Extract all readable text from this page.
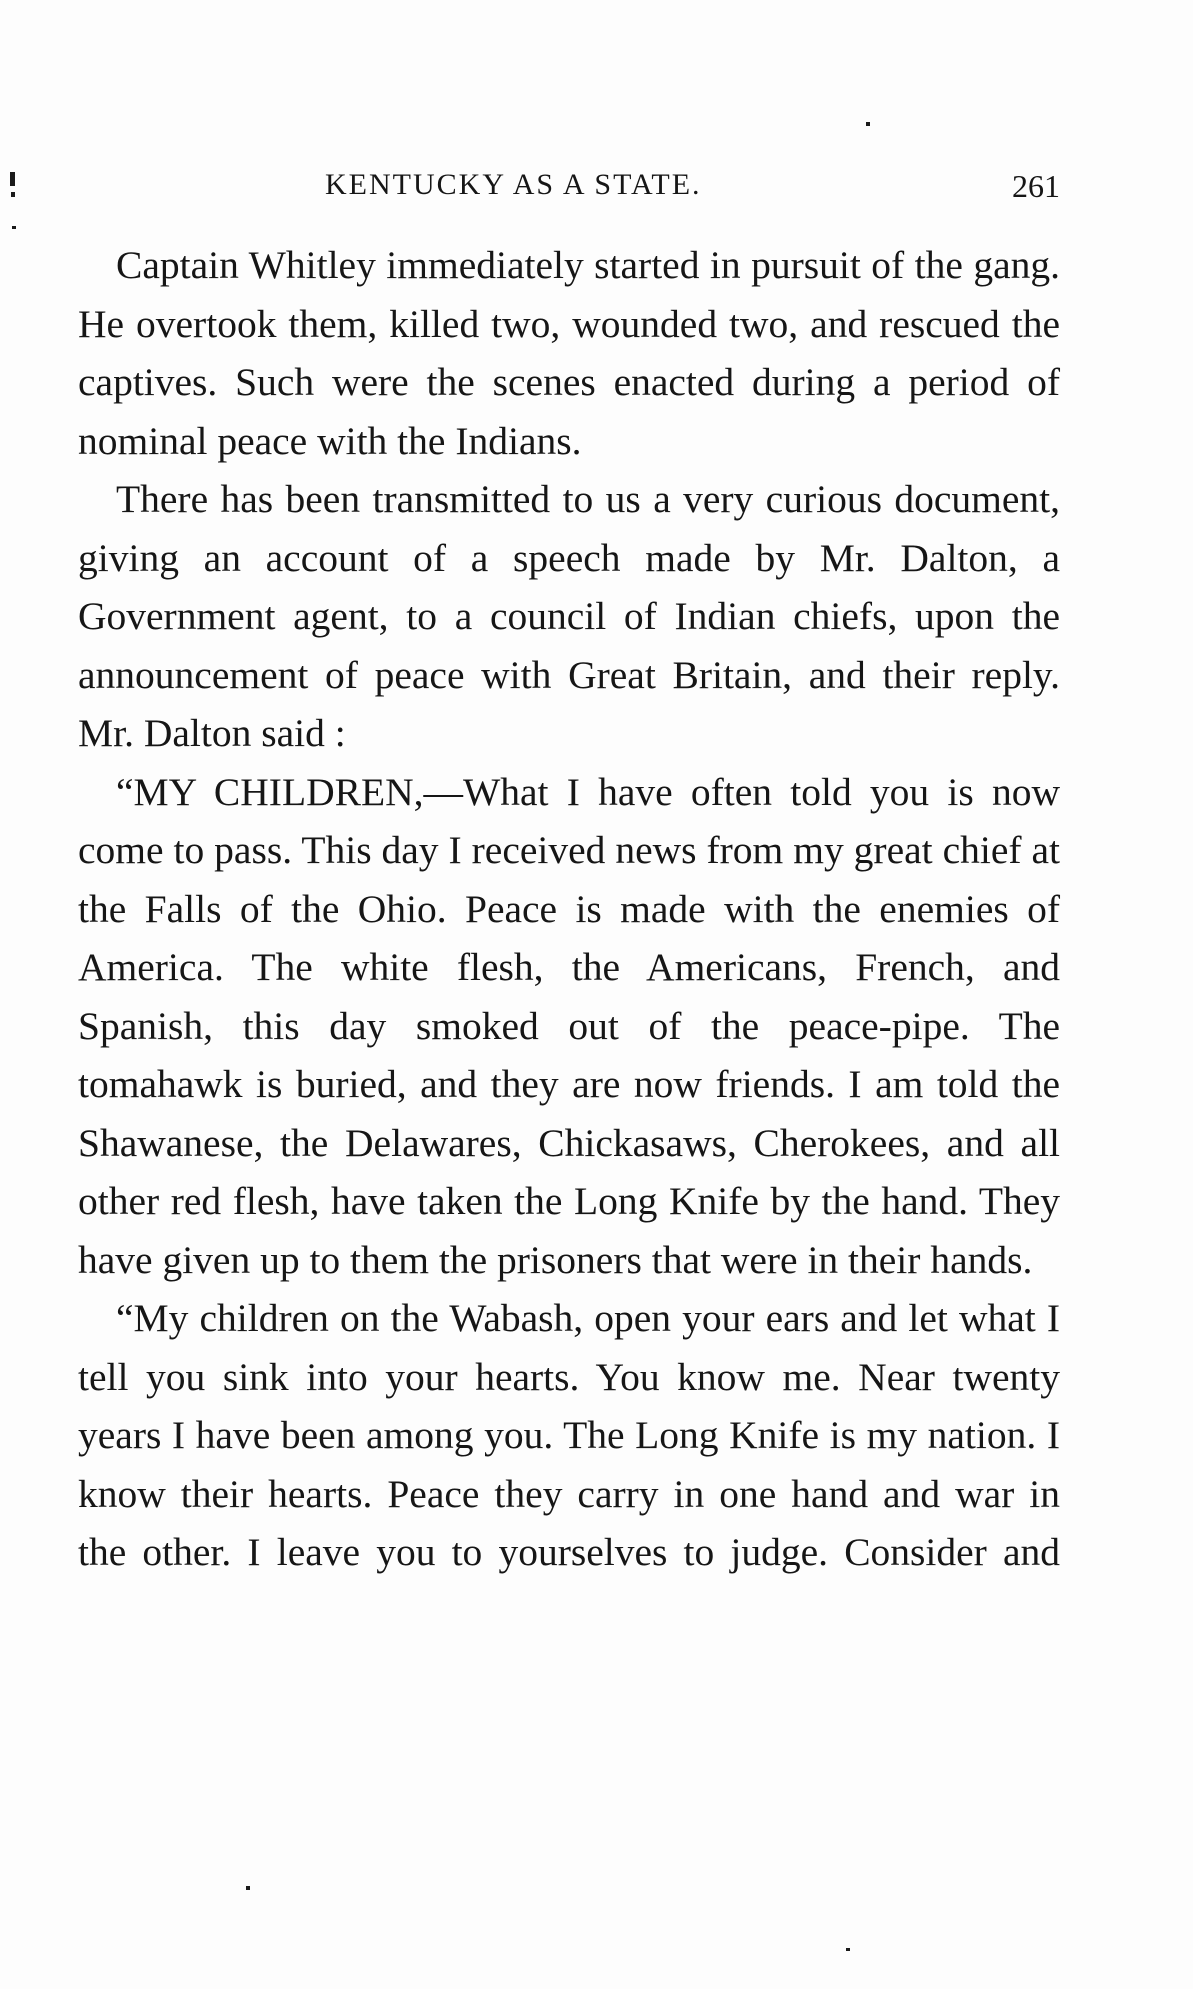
KENTUCKY AS A STATE.	261

Captain Whitley immediately started in pursuit of the gang. He overtook them, killed two, wounded two, and rescued the captives. Such were the scenes enacted during a period of nominal peace with the Indians.

There has been transmitted to us a very curious document, giving an account of a speech made by Mr. Dalton, a Government agent, to a council of Indian chiefs, upon the announcement of peace with Great Britain, and their reply. Mr. Dalton said :

“MY CHILDREN,—What I have often told you is now come to pass. This day I received news from my great chief at the Falls of the Ohio. Peace is made with the enemies of America. The white flesh, the Americans, French, and Spanish, this day smoked out of the peace-pipe. The tomahawk is buried, and they are now friends. I am told the Shawanese, the Delawares, Chickasaws, Cherokees, and all other red flesh, have taken the Long Knife by the hand. They have given up to them the prisoners that were in their hands.

“My children on the Wabash, open your ears and let what I tell you sink into your hearts. You know me. Near twenty years I have been among you. The Long Knife is my nation. I know their hearts. Peace they carry in one hand and war in the other. I leave you to yourselves to judge. Consider and
